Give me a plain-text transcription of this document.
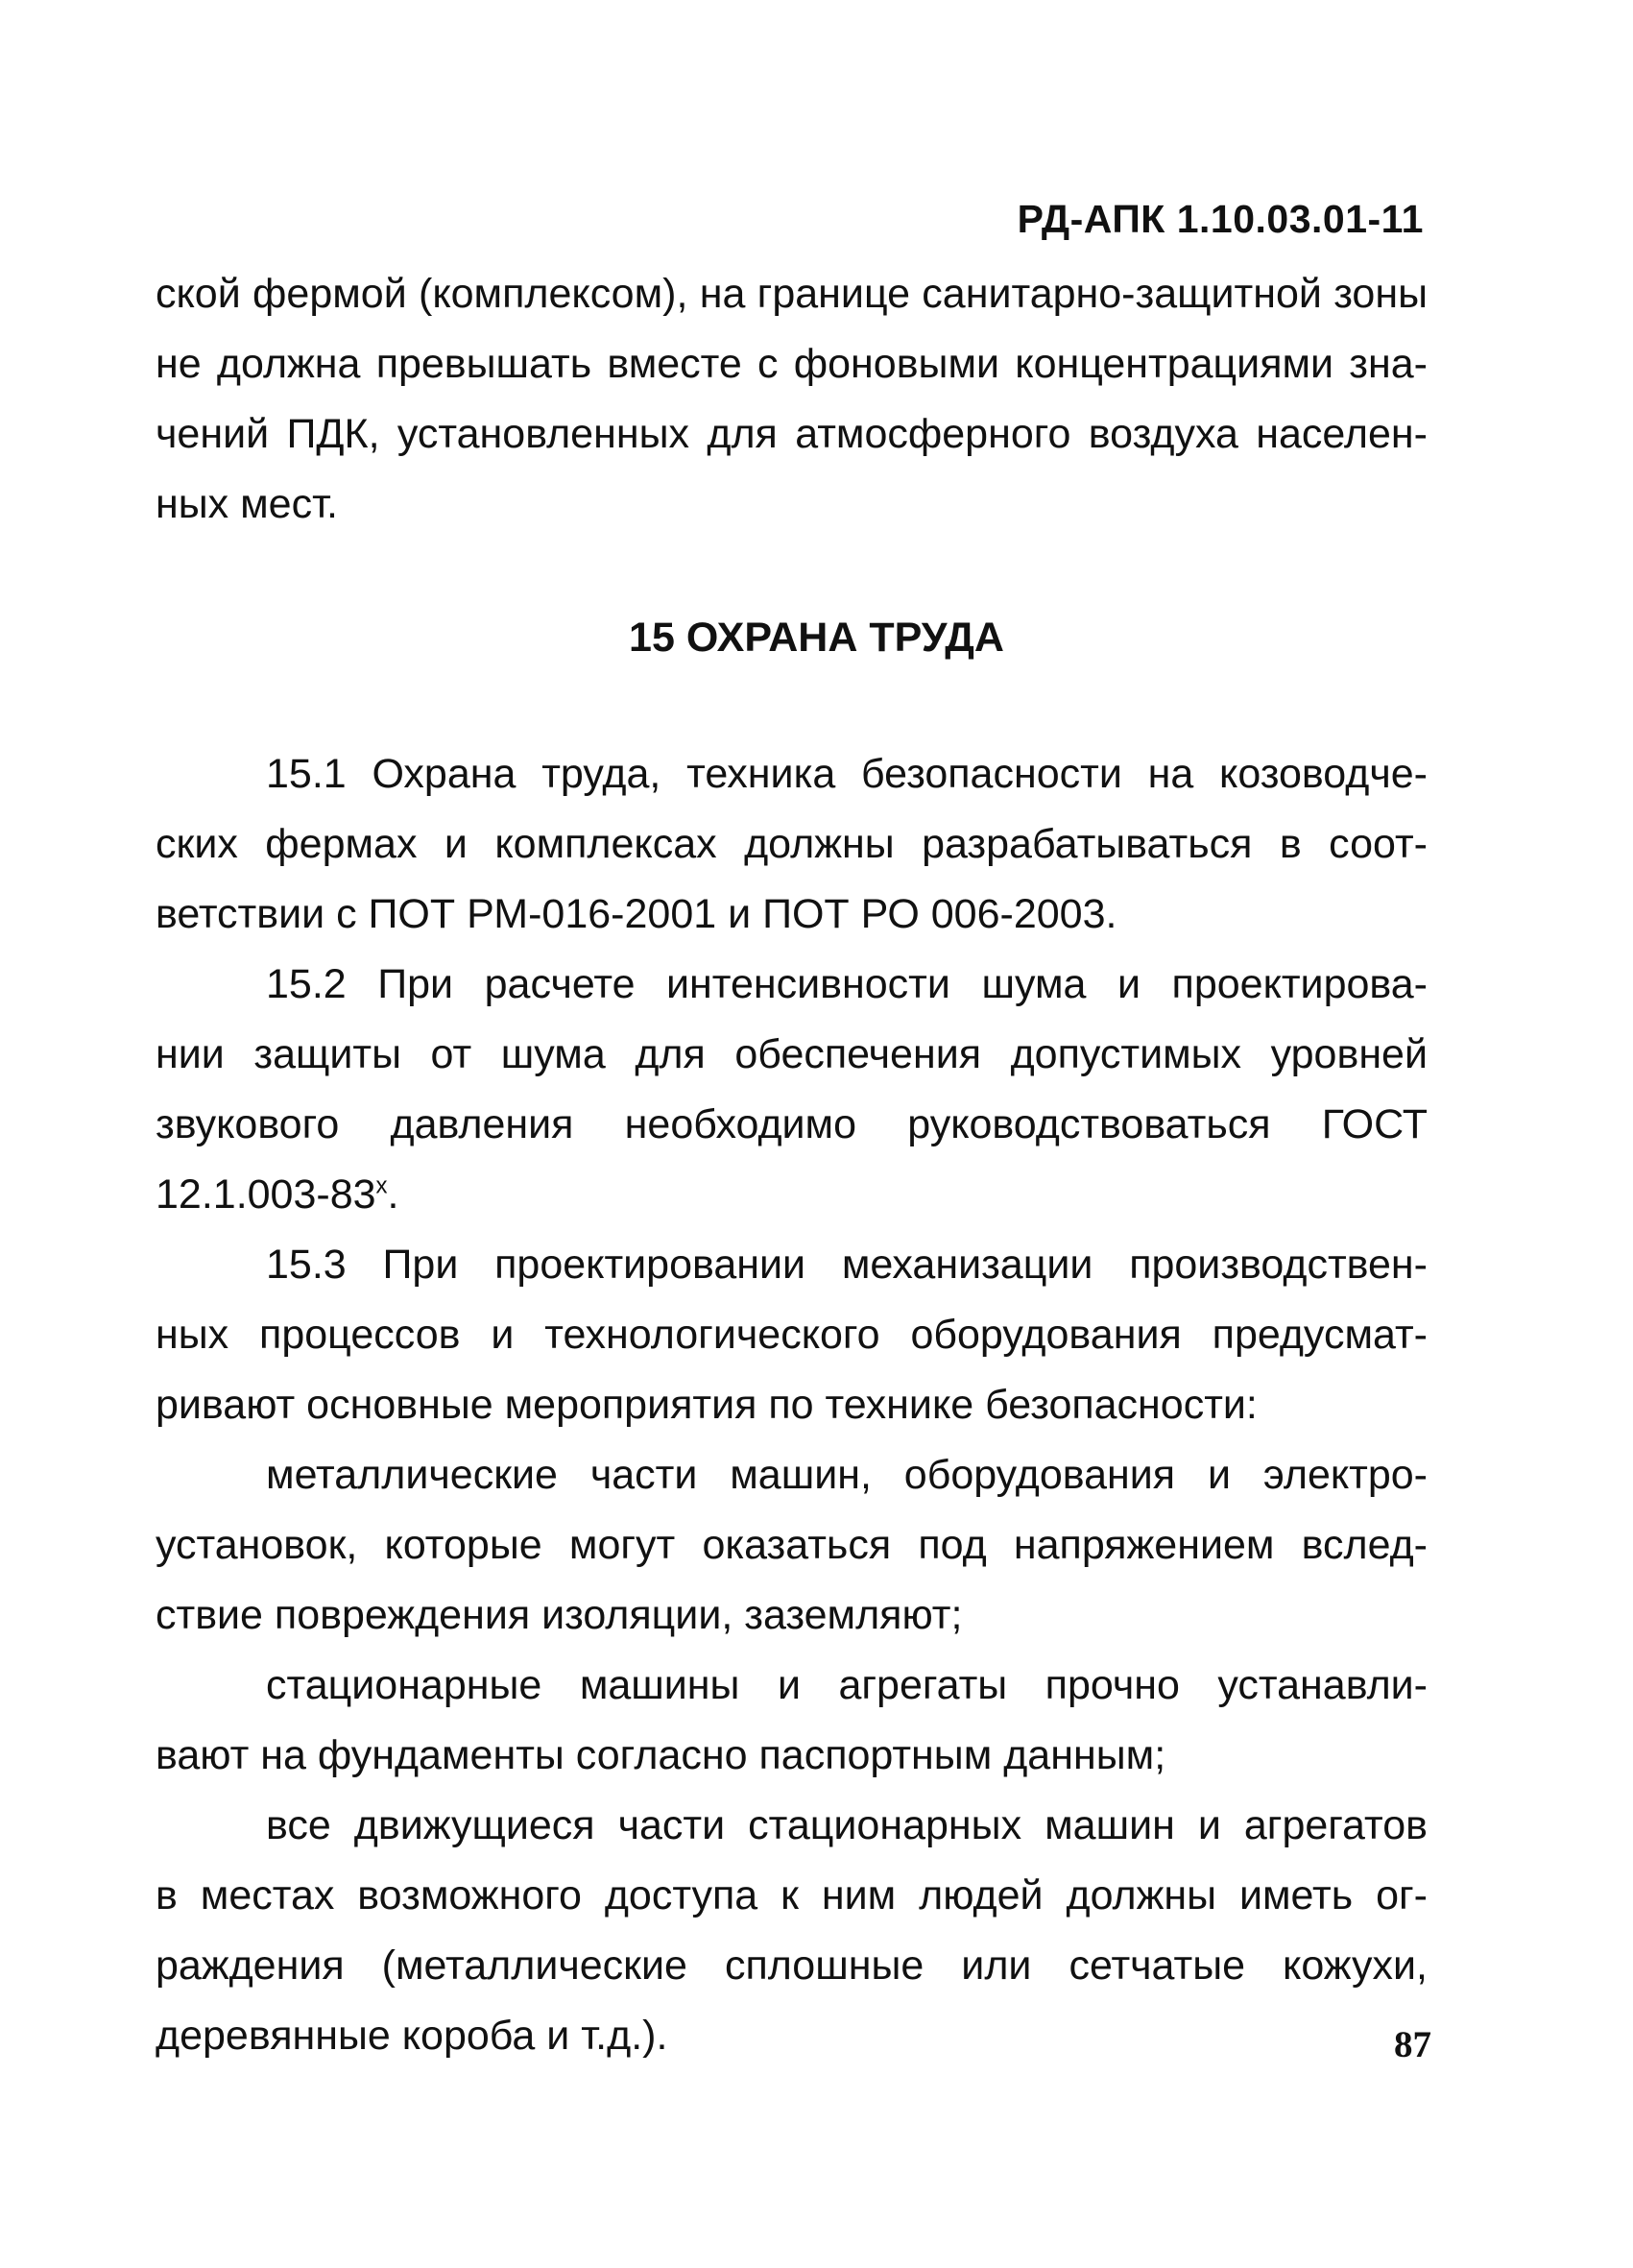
РД-АПК 1.10.03.01-11
ской фермой (комплексом), на границе санитарно-защитной зоны
не должна превышать вместе с фоновыми концентрациями зна-
чений ПДК, установленных для атмосферного воздуха населен-
ных мест.
15 ОХРАНА ТРУДА
15.1 Охрана труда, техника безопасности на козоводче-
ских фермах и комплексах должны разрабатываться в соот-
ветствии с ПОТ РМ-016-2001 и ПОТ РО 006-2003.
15.2 При расчете интенсивности шума и проектирова-
нии защиты от шума для обеспечения допустимых уровней
звукового давления необходимо руководствоваться ГОСТ
$12.1.003-83^х$.
15.3 При проектировании механизации производствен-
ных процессов и технологического оборудования предусмат-
ривают основные мероприятия по технике безопасности:
металлические части машин, оборудования и электро-
установок, которые могут оказаться под напряжением вслед-
ствие повреждения изоляции, заземляют;
стационарные машины и агрегаты прочно устанавли-
вают на фундаменты согласно паспортным данным;
все движущиеся части стационарных машин и агрегатов
в местах возможного доступа к ним людей должны иметь ог-
раждения (металлические сплошные или сетчатые кожухи,
деревянные короба и т.д.).	87
